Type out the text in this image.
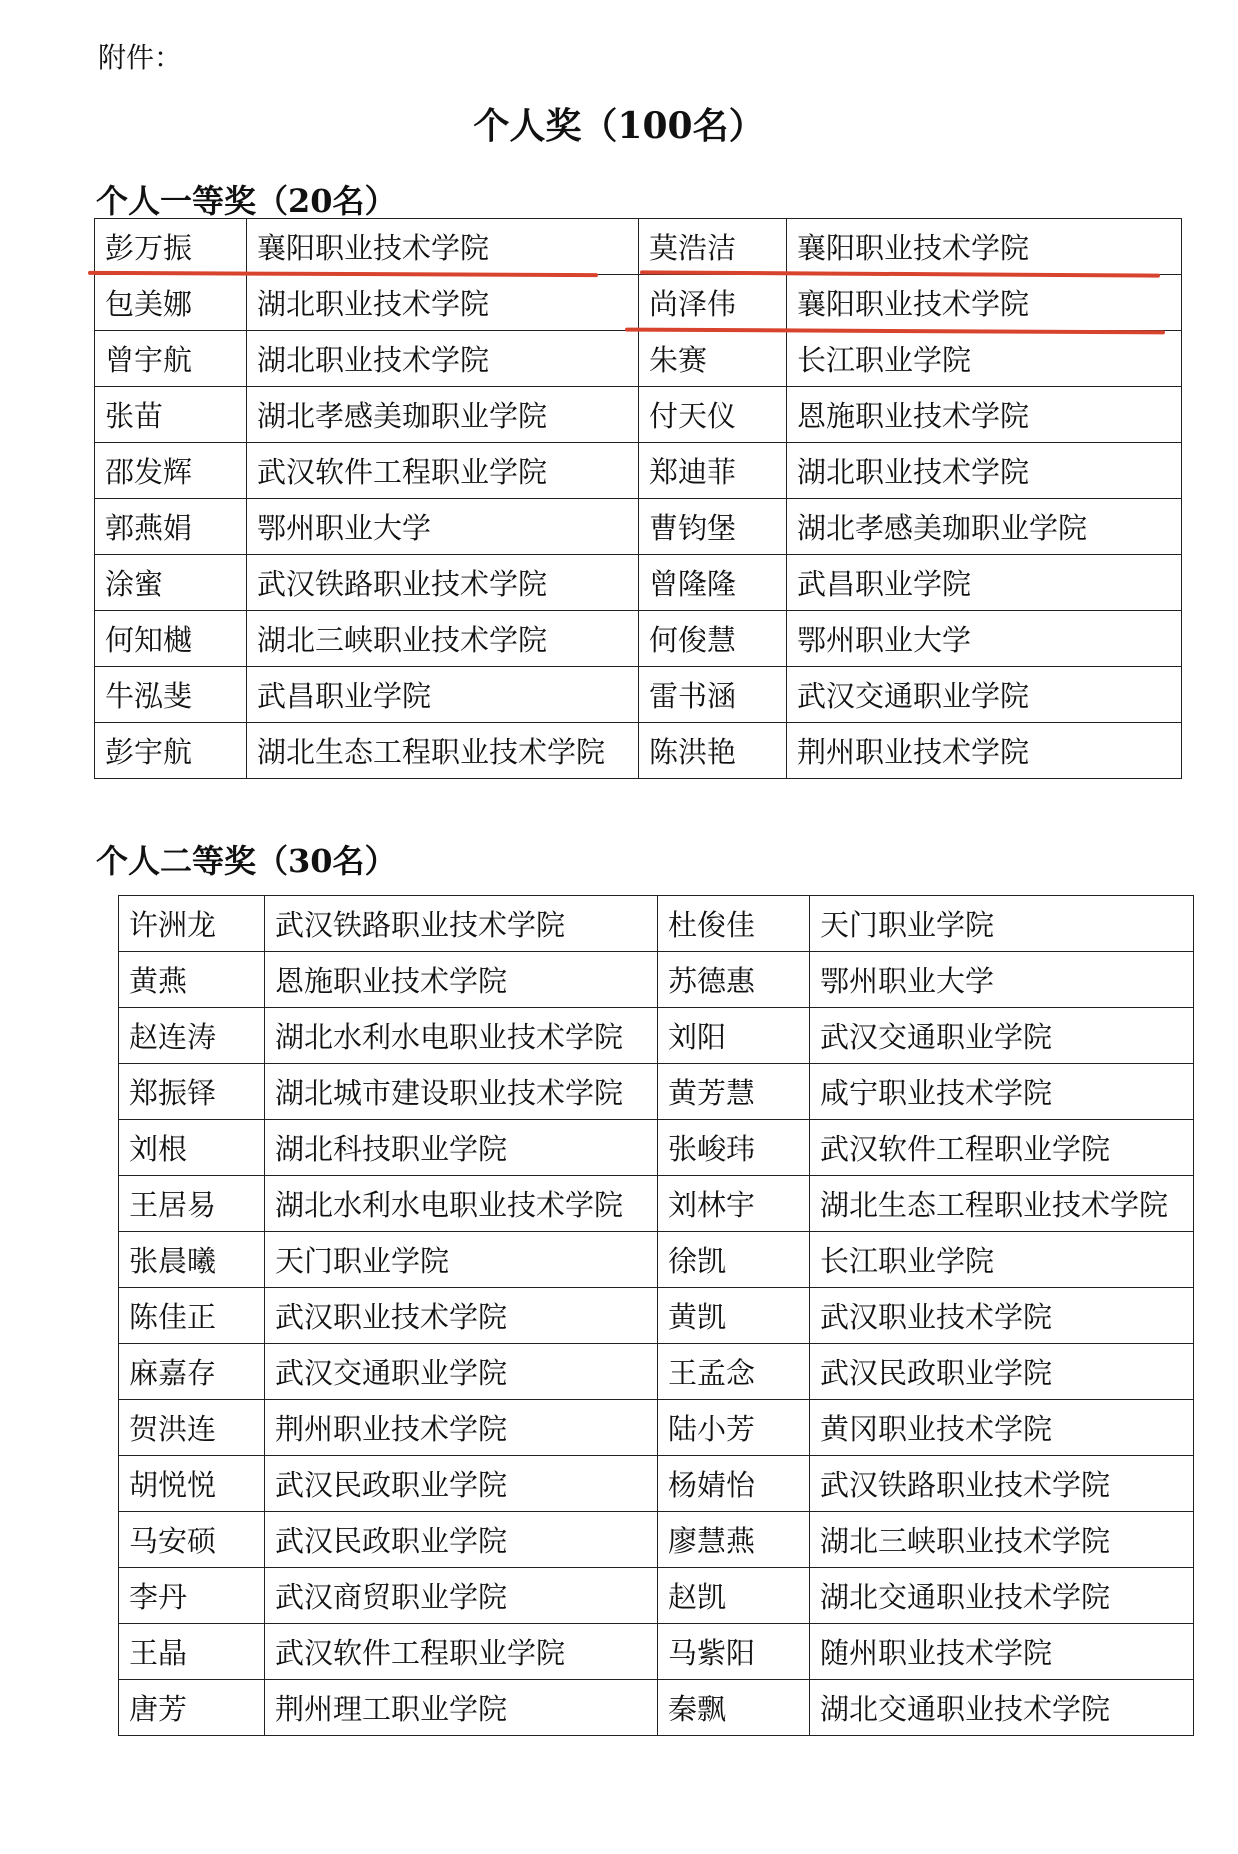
附件：
个人奖（100名）
个人一等奖（20名）
彭万振	襄阳职业技术学院	莫浩洁	襄阳职业技术学院
包美娜	湖北职业技术学院	尚泽伟	襄阳职业技术学院
曾宇航	湖北职业技术学院	朱赛	长江职业学院
张苗	湖北孝感美珈职业学院	付天仪	恩施职业技术学院
邵发辉	武汉软件工程职业学院	郑迪菲	湖北职业技术学院
郭燕娟	鄂州职业大学	曹钧堡	湖北孝感美珈职业学院
涂蜜	武汉铁路职业技术学院	曾隆隆	武昌职业学院
何知樾	湖北三峡职业技术学院	何俊慧	鄂州职业大学
牛泓斐	武昌职业学院	雷书涵	武汉交通职业学院
彭宇航	湖北生态工程职业技术学院	陈洪艳	荆州职业技术学院
个人二等奖（30名）
许洲龙	武汉铁路职业技术学院	杜俊佳	天门职业学院
黄燕	恩施职业技术学院	苏德惠	鄂州职业大学
赵连涛	湖北水利水电职业技术学院	刘阳	武汉交通职业学院
郑振铎	湖北城市建设职业技术学院	黄芳慧	咸宁职业技术学院
刘根	湖北科技职业学院	张峻玮	武汉软件工程职业学院
王居易	湖北水利水电职业技术学院	刘林宇	湖北生态工程职业技术学院
张晨曦	天门职业学院	徐凯	长江职业学院
陈佳正	武汉职业技术学院	黄凯	武汉职业技术学院
麻嘉存	武汉交通职业学院	王孟念	武汉民政职业学院
贺洪连	荆州职业技术学院	陆小芳	黄冈职业技术学院
胡悦悦	武汉民政职业学院	杨婧怡	武汉铁路职业技术学院
马安硕	武汉民政职业学院	廖慧燕	湖北三峡职业技术学院
李丹	武汉商贸职业学院	赵凯	湖北交通职业技术学院
王晶	武汉软件工程职业学院	马紫阳	随州职业技术学院
唐芳	荆州理工职业学院	秦飘	湖北交通职业技术学院
